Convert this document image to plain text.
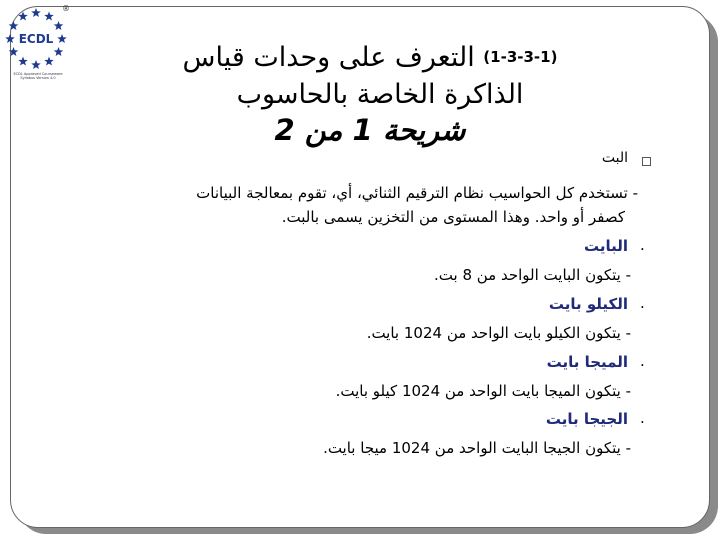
ECDL
ECDL Approved Courseware Syllabus Version 4.0
®
(1-3-3-1) التعرف على وحدات قياس
الذاكرة الخاصة بالحاسوب
شريحة 1 من 2
البت
- تستخدم كل الحواسيب نظام الترقيم الثنائي، أي، تقوم بمعالجة البيانات
كصفر أو واحد. وهذا المستوى من التخزين يسمى بالبت.
.
البايت
- يتكون البايت الواحد من 8 بت.
.
الكيلو بايت
- يتكون الكيلو بايت الواحد من 1024 بايت.
.
الميجا بايت
- يتكون الميجا بايت الواحد من 1024 كيلو بايت.
.
الجيجا بايت
- يتكون الجيجا البايت الواحد من 1024 ميجا بايت.
